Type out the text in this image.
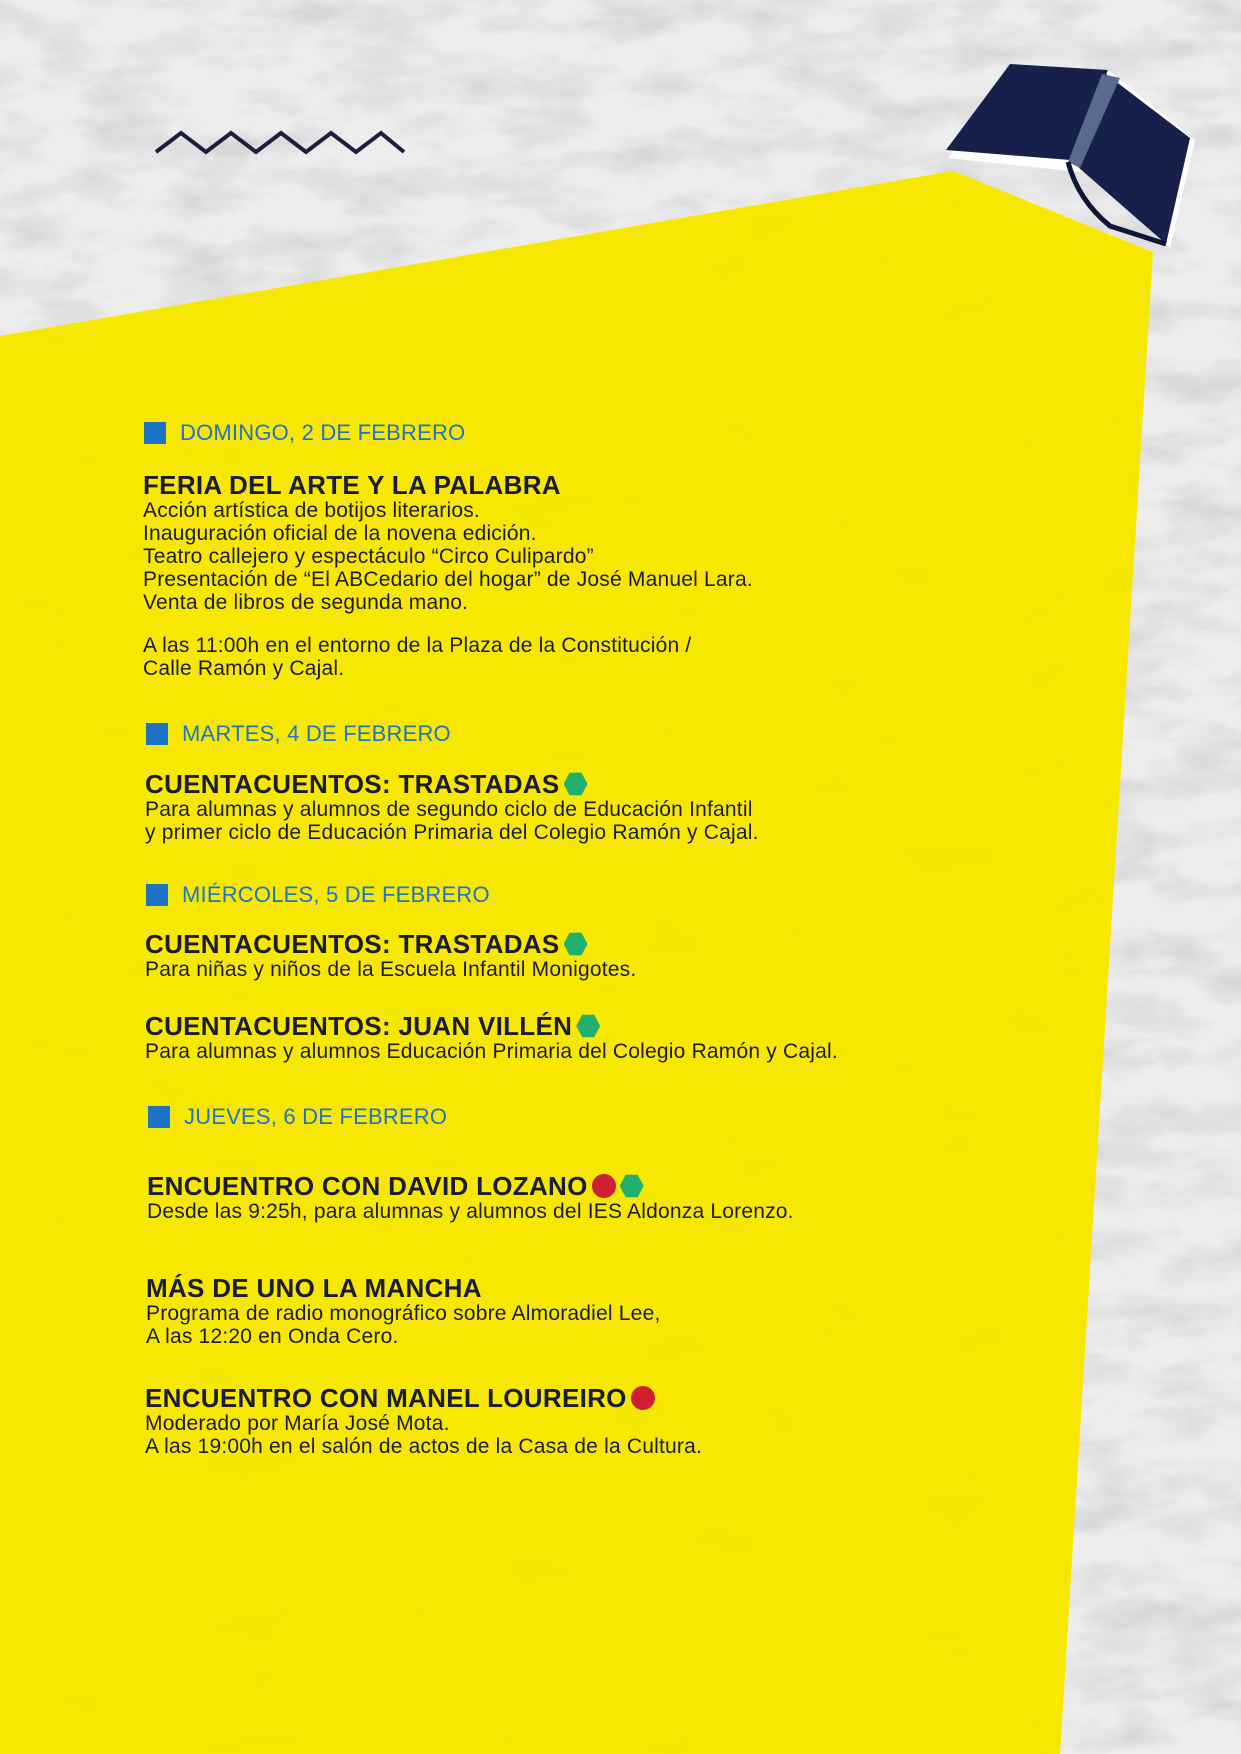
DOMINGO, 2 DE FEBRERO
FERIA DEL ARTE Y LA PALABRA
Acción artística de botijos literarios.
Inauguración oficial de la novena edición.
Teatro callejero y espectáculo “Circo Culipardo”
Presentación de “El ABCedario del hogar” de José Manuel Lara.
Venta de libros de segunda mano.
A las 11:00h en el entorno de la Plaza de la Constitución /
Calle Ramón y Cajal.
MARTES, 4 DE FEBRERO
CUENTACUENTOS: TRASTADAS
Para alumnas y alumnos de segundo ciclo de Educación Infantil
y primer ciclo de Educación Primaria del Colegio Ramón y Cajal.
MIÉRCOLES, 5 DE FEBRERO
CUENTACUENTOS: TRASTADAS
Para niñas y niños de la Escuela Infantil Monigotes.
CUENTACUENTOS: JUAN VILLÉN
Para alumnas y alumnos Educación Primaria del Colegio Ramón y Cajal.
JUEVES, 6 DE FEBRERO
ENCUENTRO CON DAVID LOZANO
Desde las 9:25h, para alumnas y alumnos del IES Aldonza Lorenzo.
MÁS DE UNO LA MANCHA
Programa de radio monográfico sobre Almoradiel Lee,
A las 12:20 en Onda Cero.
ENCUENTRO CON MANEL LOUREIRO
Moderado por María José Mota.
A las 19:00h en el salón de actos de la Casa de la Cultura.
